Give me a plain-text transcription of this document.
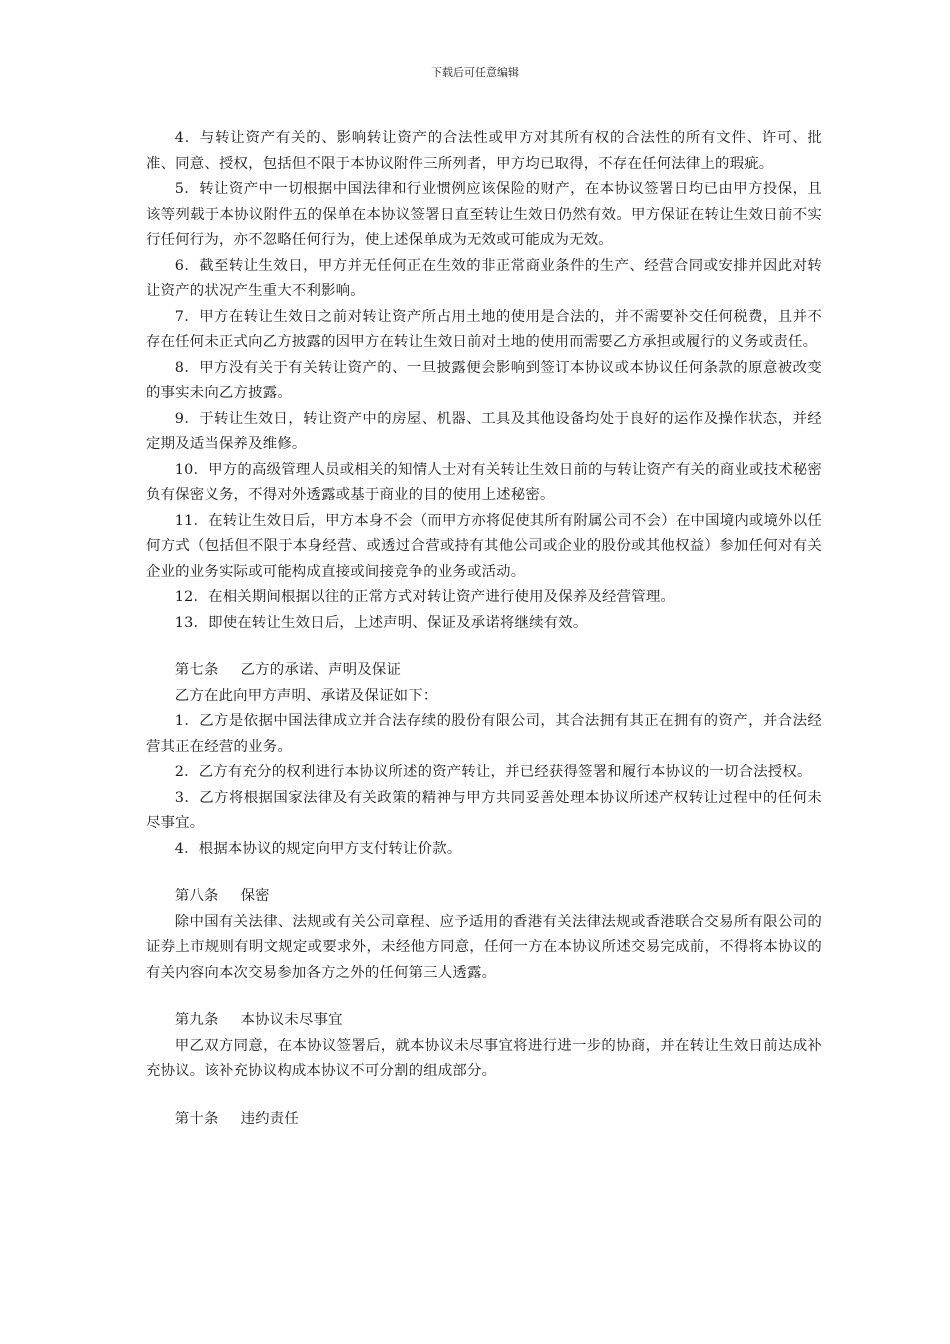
下载后可任意编辑

4．与转让资产有关的、影响转让资产的合法性或甲方对其所有权的合法性的所有文件、许可、批准、同意、授权，包括但不限于本协议附件三所列者，甲方均已取得，不存在任何法律上的瑕疵。

5．转让资产中一切根据中国法律和行业惯例应该保险的财产，在本协议签署日均已由甲方投保，且该等列载于本协议附件五的保单在本协议签署日直至转让生效日仍然有效。甲方保证在转让生效日前不实行任何行为，亦不忽略任何行为，使上述保单成为无效或可能成为无效。

6．截至转让生效日，甲方并无任何正在生效的非正常商业条件的生产、经营合同或安排并因此对转让资产的状况产生重大不利影响。

7．甲方在转让生效日之前对转让资产所占用土地的使用是合法的，并不需要补交任何税费，且并不存在任何未正式向乙方披露的因甲方在转让生效日前对土地的使用而需要乙方承担或履行的义务或责任。

8．甲方没有关于有关转让资产的、一旦披露便会影响到签订本协议或本协议任何条款的原意被改变的事实未向乙方披露。

9．于转让生效日，转让资产中的房屋、机器、工具及其他设备均处于良好的运作及操作状态，并经定期及适当保养及维修。

10．甲方的高级管理人员或相关的知情人士对有关转让生效日前的与转让资产有关的商业或技术秘密负有保密义务，不得对外透露或基于商业的目的使用上述秘密。

11．在转让生效日后，甲方本身不会（而甲方亦将促使其所有附属公司不会）在中国境内或境外以任何方式（包括但不限于本身经营、或透过合营或持有其他公司或企业的股份或其他权益）参加任何对有关企业的业务实际或可能构成直接或间接竞争的业务或活动。

12．在相关期间根据以往的正常方式对转让资产进行使用及保养及经营管理。

13．即使在转让生效日后，上述声明、保证及承诺将继续有效。

第七条 乙方的承诺、声明及保证

乙方在此向甲方声明、承诺及保证如下：

1．乙方是依据中国法律成立并合法存续的股份有限公司，其合法拥有其正在拥有的资产，并合法经营其正在经营的业务。

2．乙方有充分的权利进行本协议所述的资产转让，并已经获得签署和履行本协议的一切合法授权。

3．乙方将根据国家法律及有关政策的精神与甲方共同妥善处理本协议所述产权转让过程中的任何未尽事宜。

4．根据本协议的规定向甲方支付转让价款。

第八条 保密

除中国有关法律、法规或有关公司章程、应予适用的香港有关法律法规或香港联合交易所有限公司的证券上市规则有明文规定或要求外，未经他方同意，任何一方在本协议所述交易完成前，不得将本协议的有关内容向本次交易参加各方之外的任何第三人透露。

第九条 本协议未尽事宜

甲乙双方同意，在本协议签署后，就本协议未尽事宜将进行进一步的协商，并在转让生效日前达成补充协议。该补充协议构成本协议不可分割的组成部分。

第十条 违约责任
